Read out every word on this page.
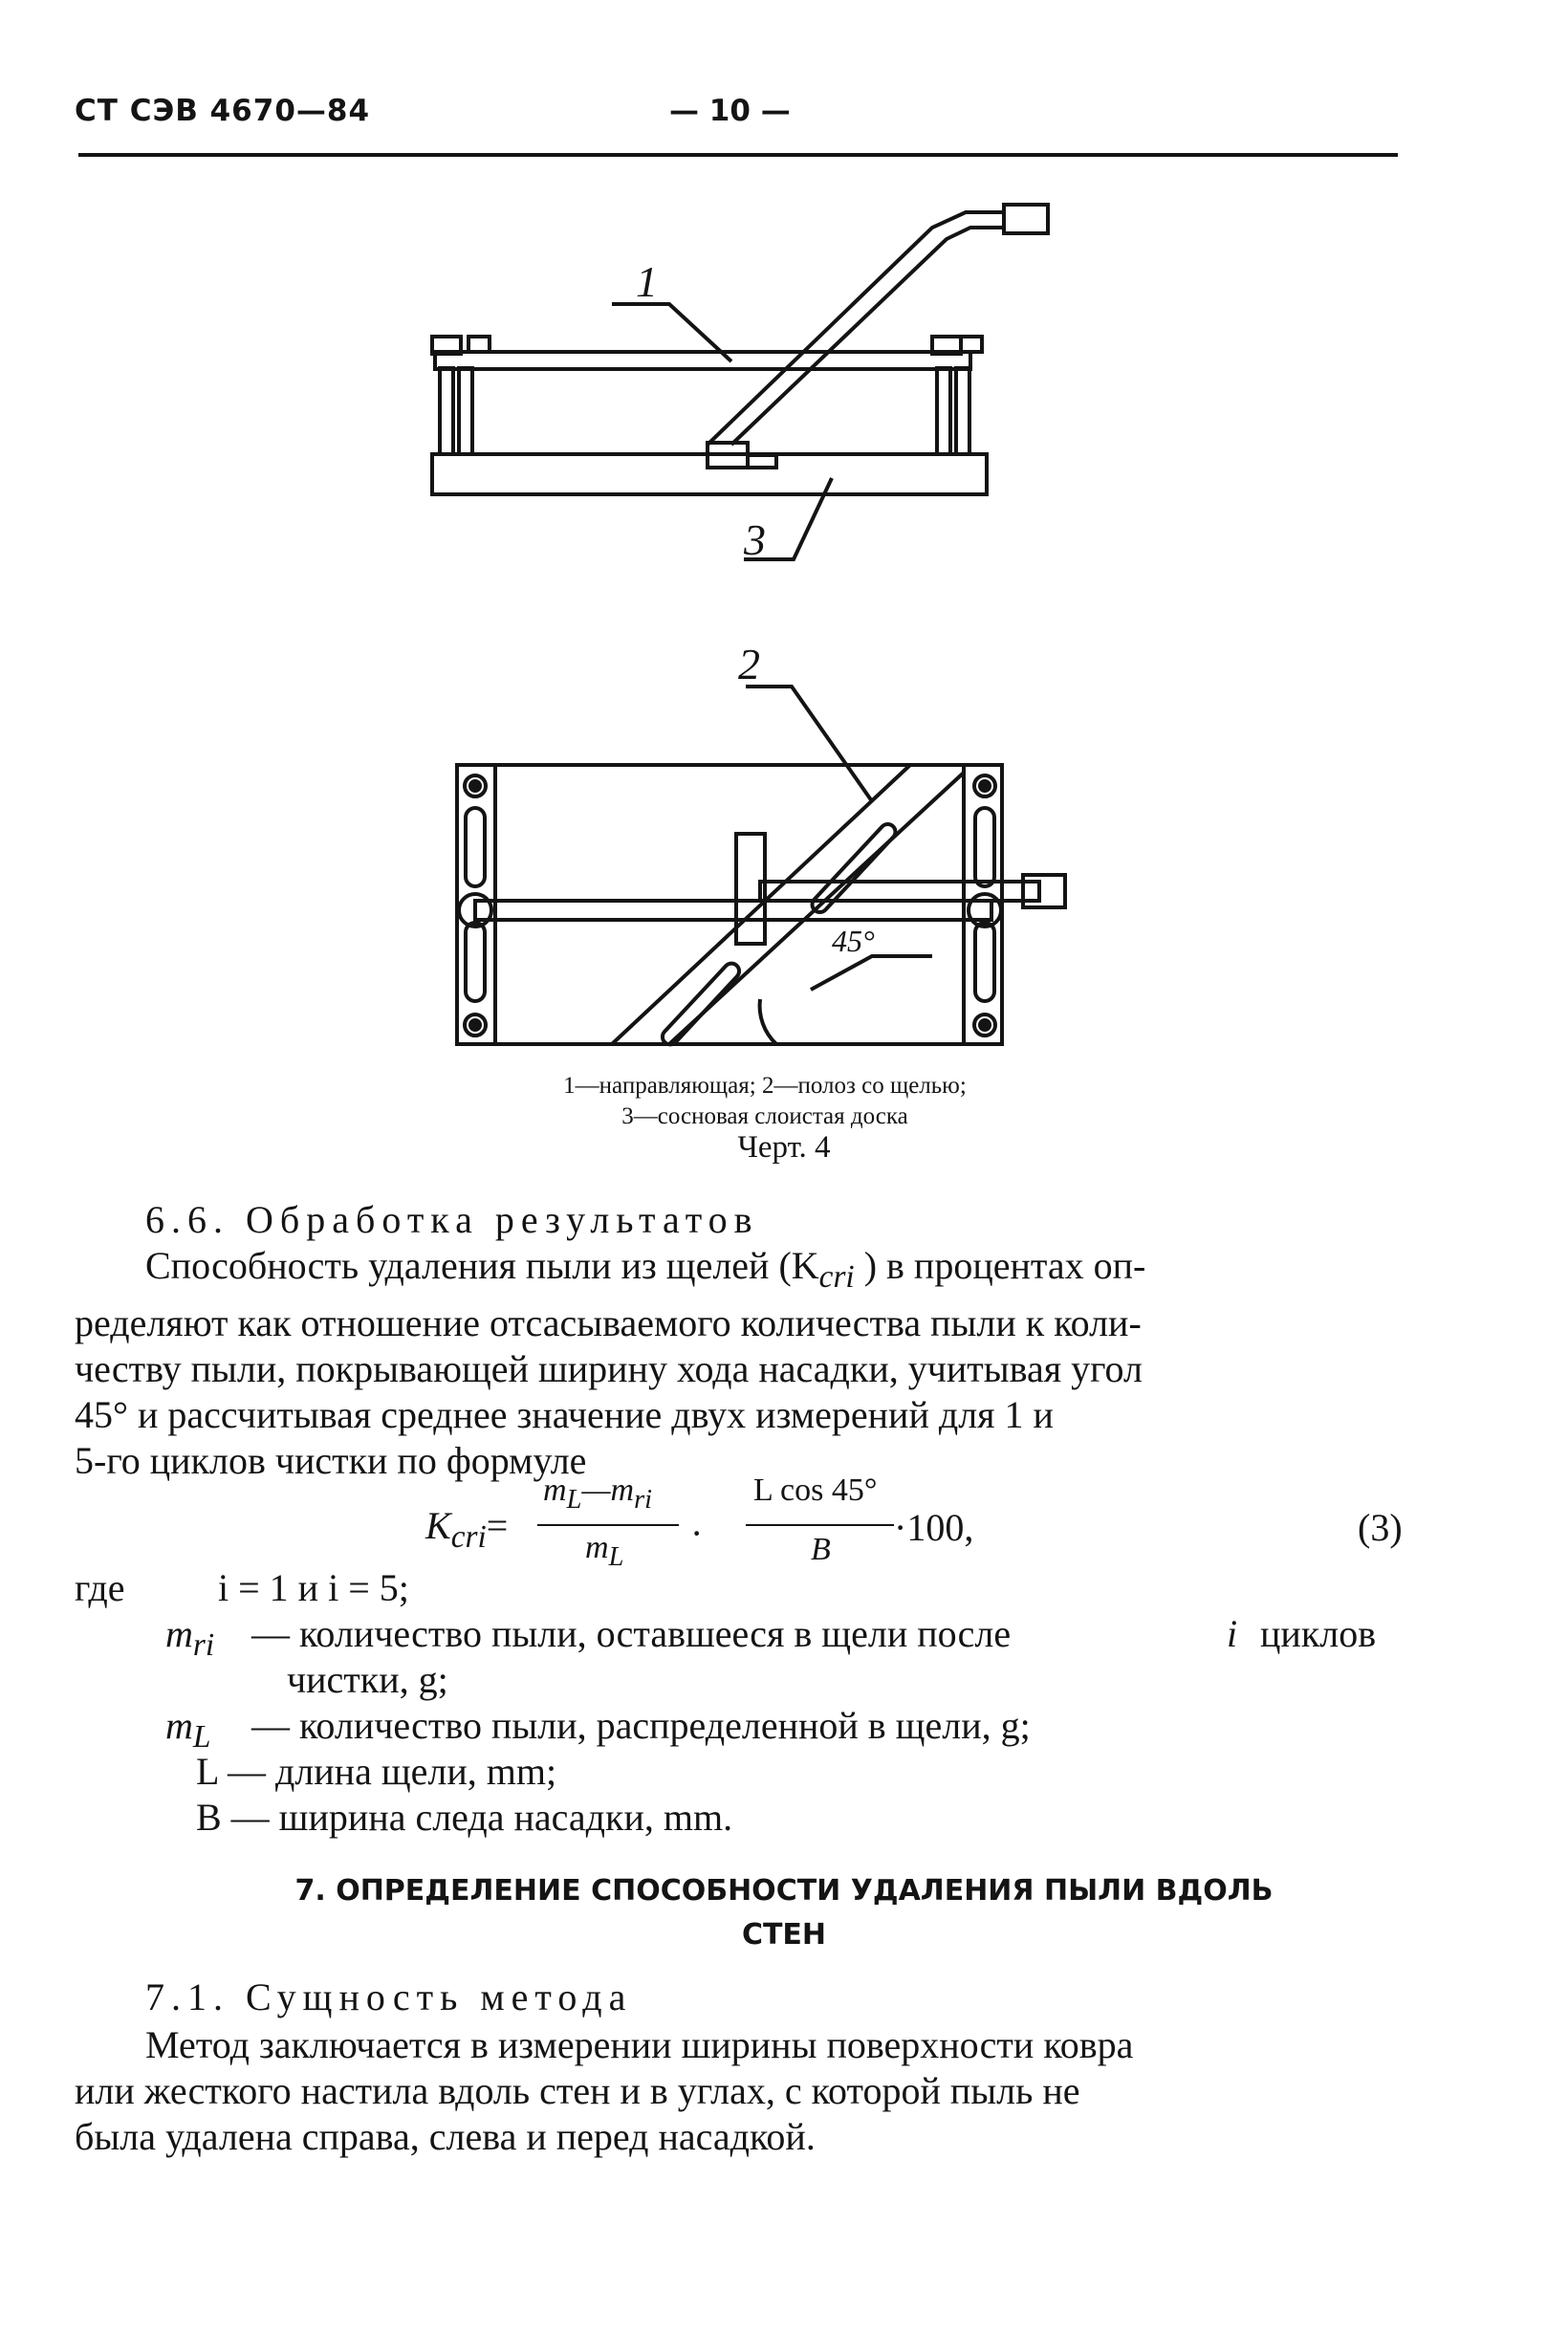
СТ СЭВ 4670—84	— 10 —
1
2
3
45°
1—направляющая; 2—полоз со щелью;
3—сосновая слоистая доска
Черт. 4
6.6. Обработка результатов
Способность удаления пыли из щелей ($K_{cri}$ ) в процентах оп-
ределяют как отношение отсасываемого количества пыли к коли-
честву пыли, покрывающей ширину хода насадки, учитывая угол
45° и рассчитывая среднее значение двух измерений для 1 и
5-го циклов чистки по формуле
$K_{cri}=$
$m_L—m_{ri}$
$m_L$
·
L cos 45°
B
·100,	(3)
где i = 1 и i = 5;
$m_{ri}$ — количество пыли, оставшееся в щели после	i циклов
чистки, g;
$m_L$ — количество пыли, распределенной в щели, g;
L — длина щели, mm;
B — ширина следа насадки, mm.
7. ОПРЕДЕЛЕНИЕ СПОСОБНОСТИ УДАЛЕНИЯ ПЫЛИ ВДОЛЬ
СТЕН
7.1. Сущность метода
Метод заключается в измерении ширины поверхности ковра
или жесткого настила вдоль стен и в углах, с которой пыль не
была удалена справа, слева и перед насадкой.
